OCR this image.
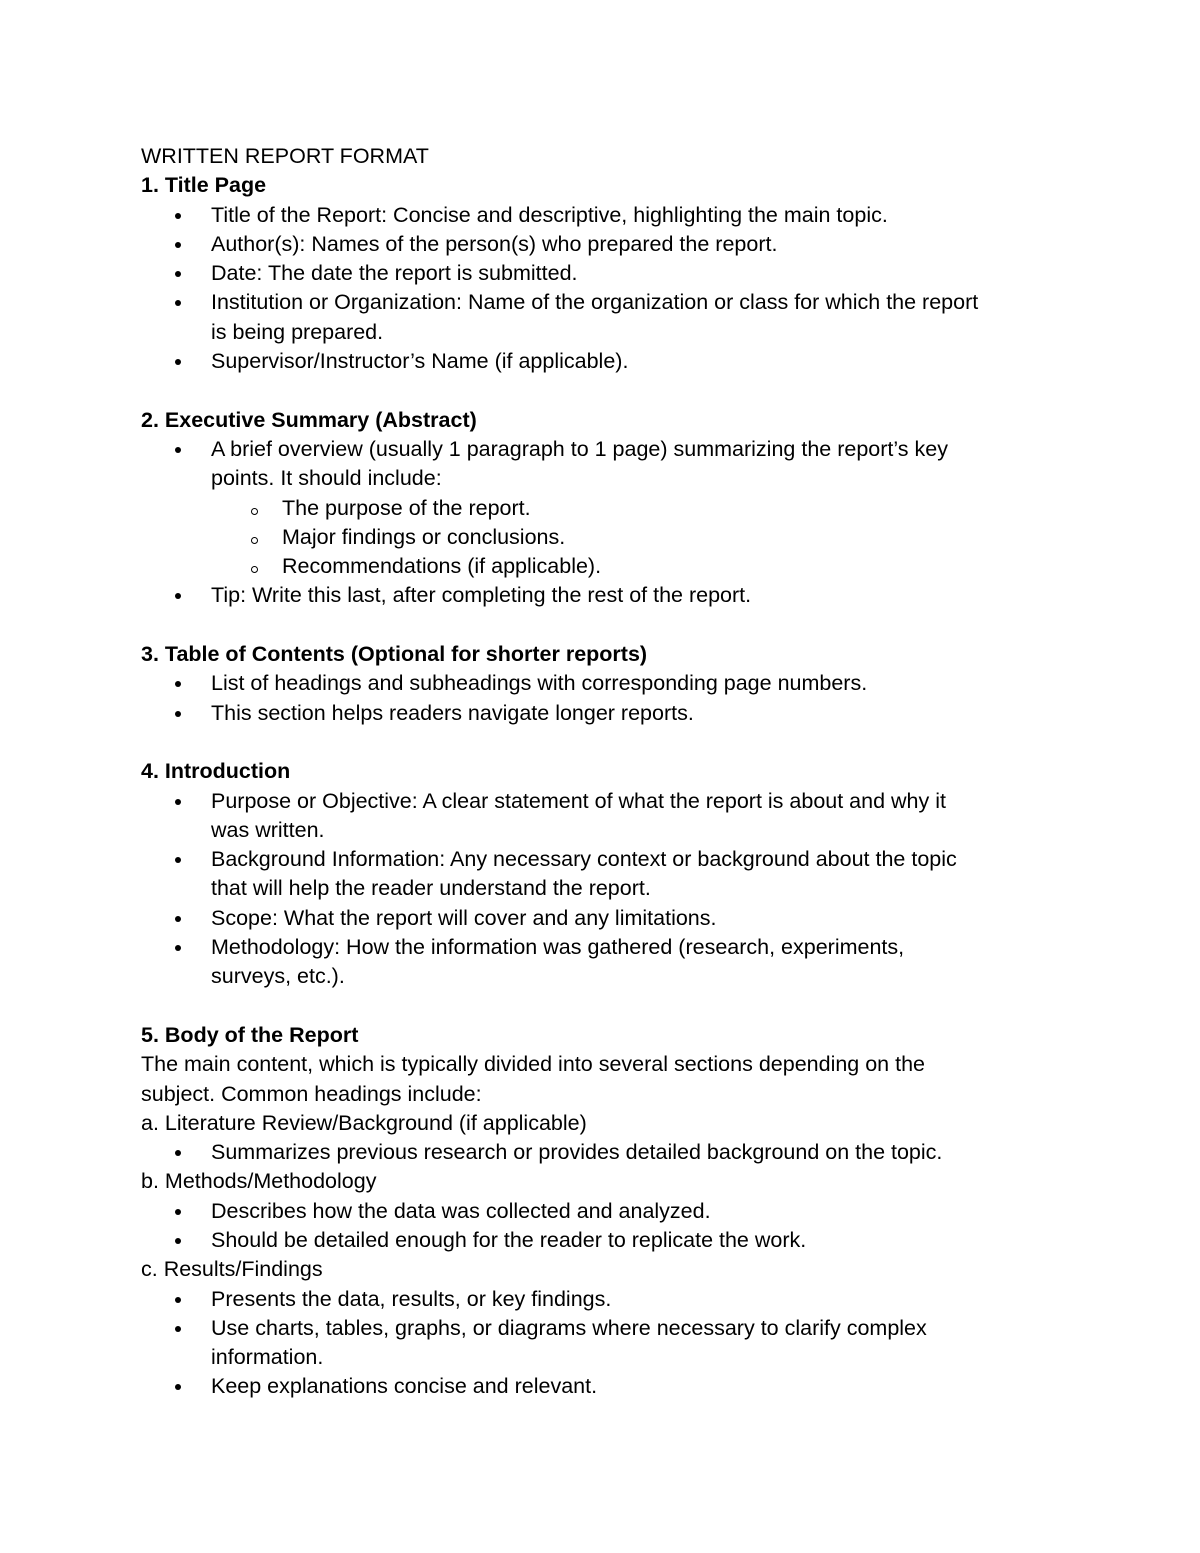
WRITTEN REPORT FORMAT

1. Title Page

Title of the Report: Concise and descriptive, highlighting the main topic.
Author(s): Names of the person(s) who prepared the report.
Date: The date the report is submitted.
Institution or Organization: Name of the organization or class for which the report
is being prepared.
Supervisor/Instructor’s Name (if applicable).

2. Executive Summary (Abstract)

A brief overview (usually 1 paragraph to 1 page) summarizing the report’s key
points. It should include:
The purpose of the report.
Major findings or conclusions.
Recommendations (if applicable).
Tip: Write this last, after completing the rest of the report.

3. Table of Contents (Optional for shorter reports)

List of headings and subheadings with corresponding page numbers.
This section helps readers navigate longer reports.

4. Introduction

Purpose or Objective: A clear statement of what the report is about and why it
was written.
Background Information: Any necessary context or background about the topic
that will help the reader understand the report.
Scope: What the report will cover and any limitations.
Methodology: How the information was gathered (research, experiments,
surveys, etc.).

5. Body of the Report

The main content, which is typically divided into several sections depending on the

subject. Common headings include:

a. Literature Review/Background (if applicable)

Summarizes previous research or provides detailed background on the topic.

b. Methods/Methodology

Describes how the data was collected and analyzed.
Should be detailed enough for the reader to replicate the work.

c. Results/Findings

Presents the data, results, or key findings.
Use charts, tables, graphs, or diagrams where necessary to clarify complex
information.
Keep explanations concise and relevant.
